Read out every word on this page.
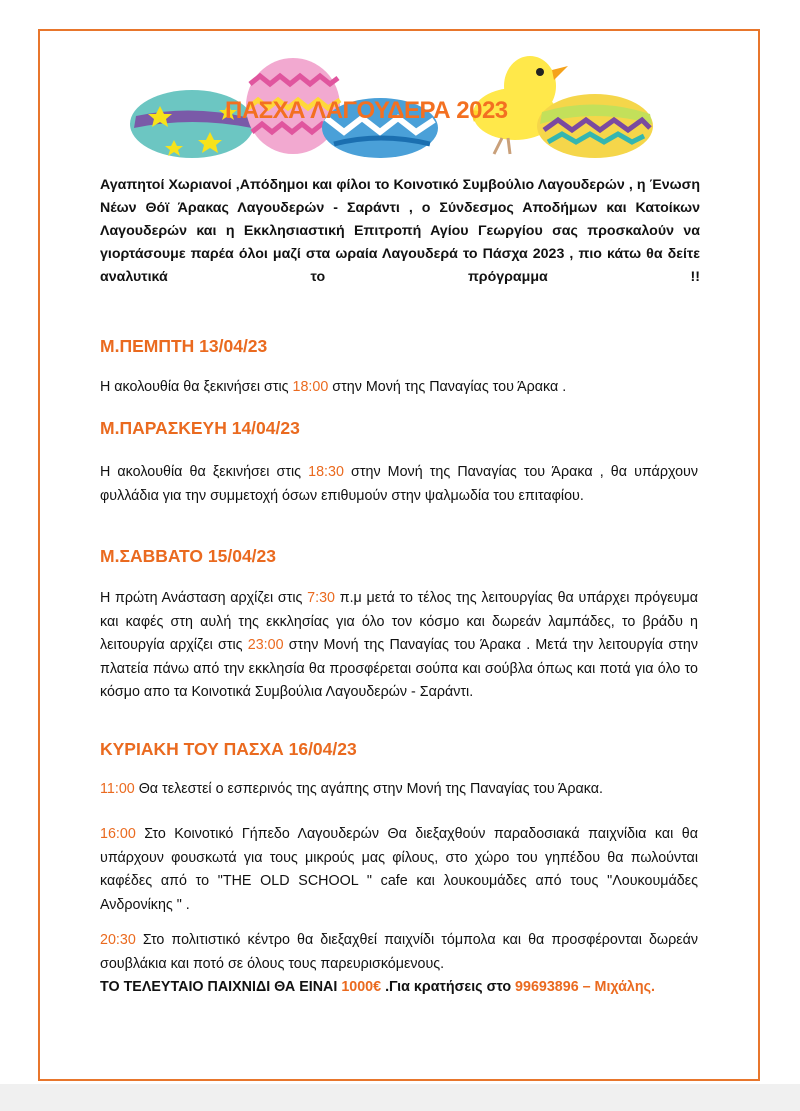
ΠΑΣΧΑ ΛΑΓΟΥΔΕΡΑ 2023
Αγαπητοί Χωριανοί ,Απόδημοι και φίλοι το Κοινοτικό Συμβούλιο Λαγουδερών , η Ένωση Νέων Θόϊ Άρακας Λαγουδερών - Σαράντι , ο Σύνδεσμος Αποδήμων και Κατοίκων Λαγουδερών και η Εκκλησιαστική Επιτροπή Αγίου Γεωργίου σας προσκαλούν να γιορτάσουμε παρέα όλοι μαζί στα ωραία Λαγουδερά το Πάσχα 2023 , πιο κάτω θα δείτε αναλυτικά το πρόγραμμα !!
Μ.ΠΕΜΠΤΗ 13/04/23
Η ακολουθία θα ξεκινήσει στις 18:00 στην Μονή της Παναγίας του Άρακα .
Μ.ΠΑΡΑΣΚΕΥΗ 14/04/23
Η ακολουθία θα ξεκινήσει στις 18:30 στην Μονή της Παναγίας του Άρακα , θα υπάρχουν φυλλάδια για την συμμετοχή όσων επιθυμούν στην ψαλμωδία του επιταφίου.
Μ.ΣΑΒΒΑΤΟ 15/04/23
Η πρώτη Ανάσταση αρχίζει στις 7:30 π.μ μετά το τέλος της λειτουργίας θα υπάρχει πρόγευμα και καφές στη αυλή της εκκλησίας για όλο τον κόσμο και δωρεάν λαμπάδες, το βράδυ η λειτουργία αρχίζει στις 23:00 στην Μονή της Παναγίας του Άρακα . Μετά την λειτουργία στην πλατεία πάνω από την εκκλησία θα προσφέρεται σούπα και σούβλα όπως και ποτά για όλο το κόσμο απο τα Κοινοτικά Συμβούλια Λαγουδερών - Σαράντι.
ΚΥΡΙΑΚΗ ΤΟΥ ΠΑΣΧΑ 16/04/23
11:00 Θα τελεστεί ο εσπερινός της αγάπης στην Μονή της Παναγίας του Άρακα.
16:00 Στο Κοινοτικό Γήπεδο Λαγουδερών Θα διεξαχθούν παραδοσιακά παιχνίδια και θα υπάρχουν φουσκωτά για τους μικρούς μας φίλους, στο χώρο του γηπέδου θα πωλούνται καφέδες από το "THE OLD SCHOOL " cafe και λουκουμάδες από τους "Λουκουμάδες Ανδρονίκης " .
20:30 Στο πολιτιστικό κέντρο θα διεξαχθεί παιχνίδι τόμπολα και θα προσφέρονται δωρεάν σουβλάκια και ποτό σε όλους τους παρευρισκόμενους.
ΤΟ ΤΕΛΕΥΤΑΙΟ ΠΑΙΧΝΙΔΙ ΘΑ ΕΙΝΑΙ 1000€ .Για κρατήσεις στο 99693896 – Μιχάλης.
